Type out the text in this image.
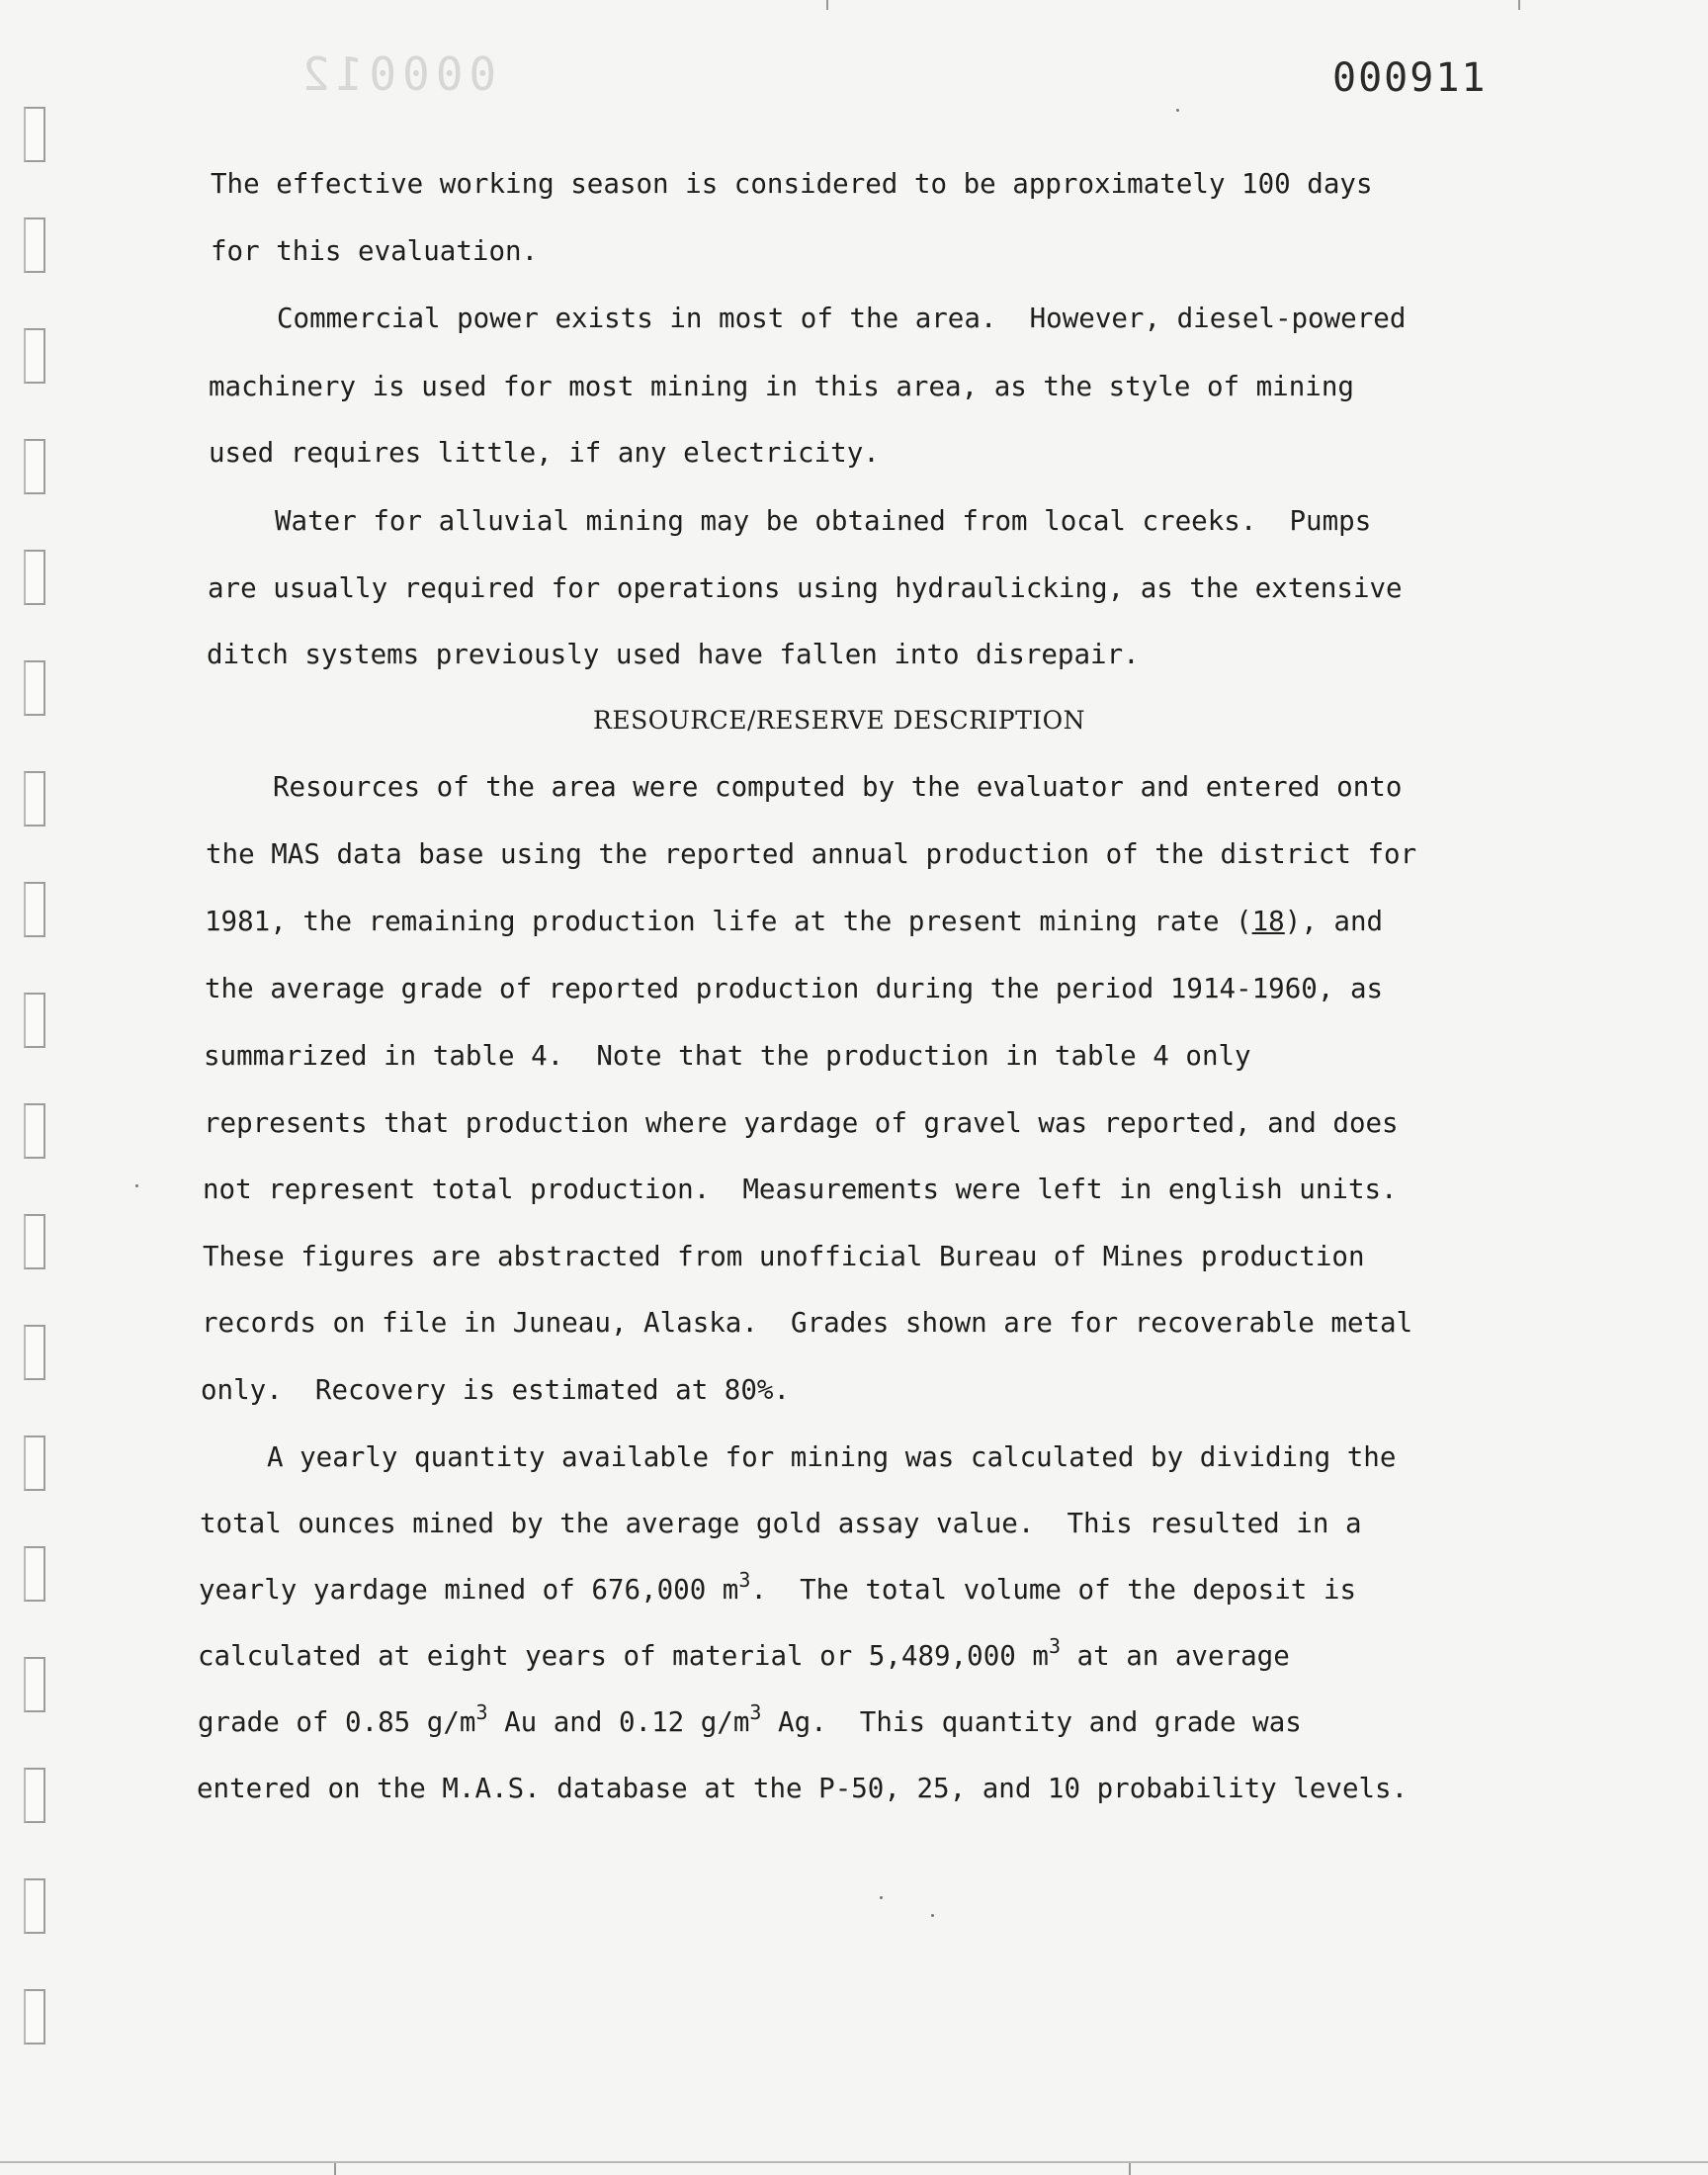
000012	000911
The effective working season is considered to be approximately 100 days
for this evaluation.
Commercial power exists in most of the area.  However, diesel-powered
machinery is used for most mining in this area, as the style of mining
used requires little, if any electricity.
Water for alluvial mining may be obtained from local creeks.  Pumps
are usually required for operations using hydraulicking, as the extensive
ditch systems previously used have fallen into disrepair.
RESOURCE/RESERVE DESCRIPTION
Resources of the area were computed by the evaluator and entered onto
the MAS data base using the reported annual production of the district for
1981, the remaining production life at the present mining rate (18), and
the average grade of reported production during the period 1914-1960, as
summarized in table 4.  Note that the production in table 4 only
represents that production where yardage of gravel was reported, and does
not represent total production.  Measurements were left in english units.
These figures are abstracted from unofficial Bureau of Mines production
records on file in Juneau, Alaska.  Grades shown are for recoverable metal
only.  Recovery is estimated at 80%.
A yearly quantity available for mining was calculated by dividing the
total ounces mined by the average gold assay value.  This resulted in a
yearly yardage mined of 676,000 $m^3$.  The total volume of the deposit is
calculated at eight years of material or 5,489,000 $m^3$ at an average
grade of 0.85 $g/m^3$ Au and 0.12 $g/m^3$ Ag.  This quantity and grade was
entered on the M.A.S. database at the P-50, 25, and 10 probability levels.
